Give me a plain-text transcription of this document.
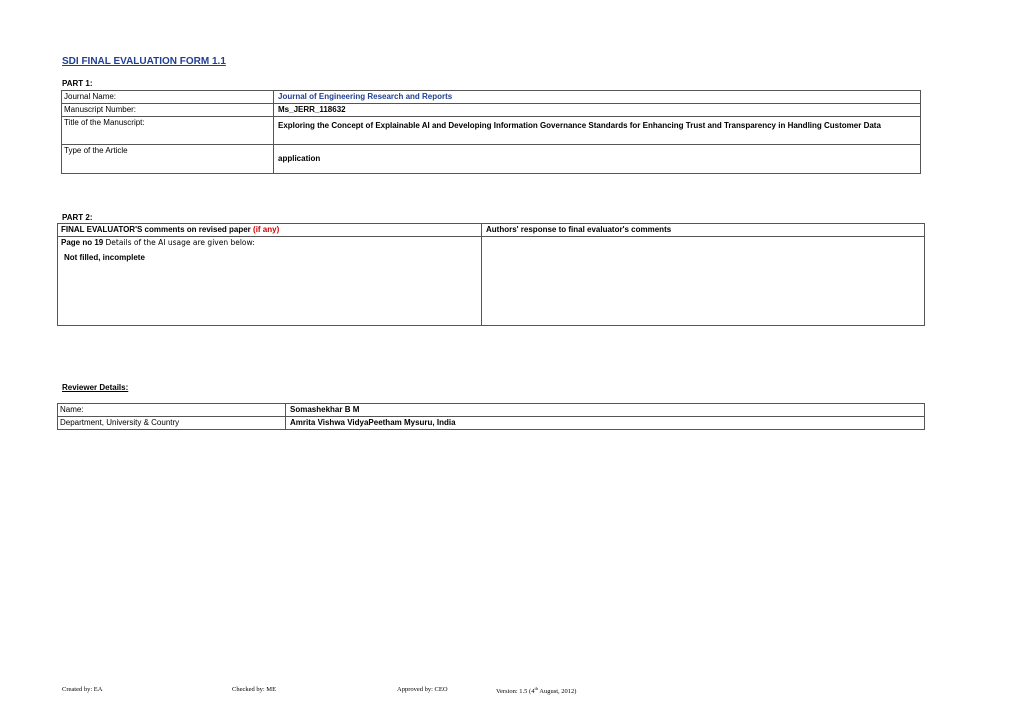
SDI FINAL EVALUATION FORM 1.1
PART 1:
Journal Name:	Journal of Engineering Research and Reports
Manuscript Number:	Ms_JERR_118632
Title of the Manuscript:	Exploring the Concept of Explainable AI and Developing Information Governance Standards for Enhancing Trust and Transparency in Handling Customer Data
Type of the Article	application
PART 2:
FINAL EVALUATOR'S comments on revised paper (if any)	Authors' response to final evaluator's comments

Page no 19 Details of the AI usage are given below:
Not filled, incomplete	

Reviewer Details:
Name:	Somashekhar B M
Department, University & Country	Amrita Vishwa VidyaPeetham Mysuru, India
Created by: EA	Checked by: ME	Approved by: CEO	Version: 1.5 (4th August, 2012)
